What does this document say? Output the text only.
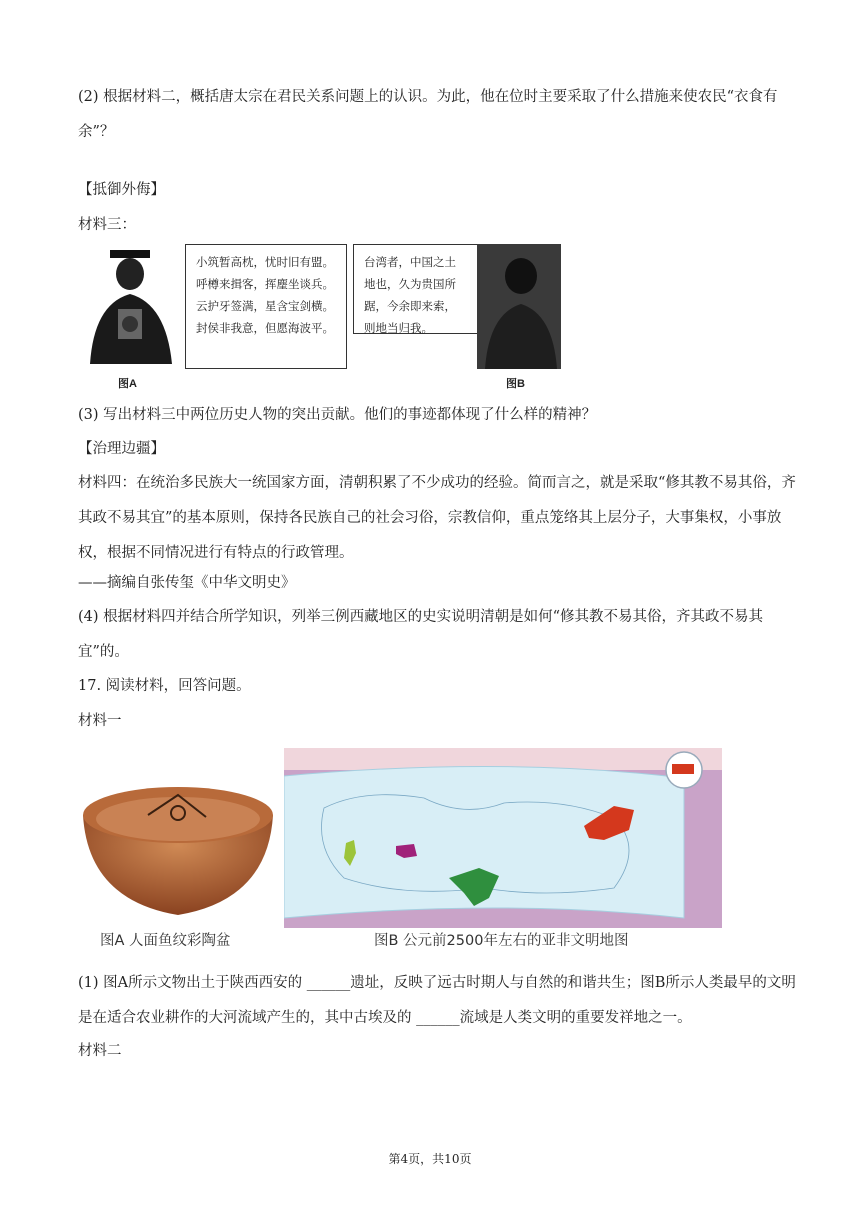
(2) 根据材料二，概括唐太宗在君民关系问题上的认识。为此，他在位时主要采取了什么措施来使农民“衣食有余”？
【抵御外侮】
材料三：
图A
小筑暂高枕，忧时旧有盟。呼樽来揖客，挥麈坐谈兵。云护牙签满，星含宝剑横。封侯非我意，但愿海波平。
台湾者，中国之土地也，久为贵国所踞，今余即来索，则地当归我。
图B
(3) 写出材料三中两位历史人物的突出贡献。他们的事迹都体现了什么样的精神？
【治理边疆】
材料四：在统治多民族大一统国家方面，清朝积累了不少成功的经验。简而言之，就是采取“修其教不易其俗，齐其政不易其宜”的基本原则，保持各民族自己的社会习俗，宗教信仰，重点笼络其上层分子，大事集权，小事放权，根据不同情况进行有特点的行政管理。
——摘编自张传玺《中华文明史》
(4) 根据材料四并结合所学知识，列举三例西藏地区的史实说明清朝是如何“修其教不易其俗，齐其政不易其宜”的。
17. 阅读材料，回答问题。
材料一
图A 人面鱼纹彩陶盆	图B 公元前2500年左右的亚非文明地图
(1) 图A所示文物出土于陕西西安的 ______遗址，反映了远古时期人与自然的和谐共生；图B所示人类最早的文明是在适合农业耕作的大河流域产生的，其中古埃及的 ______流域是人类文明的重要发祥地之一。
材料二
第4页，共10页
